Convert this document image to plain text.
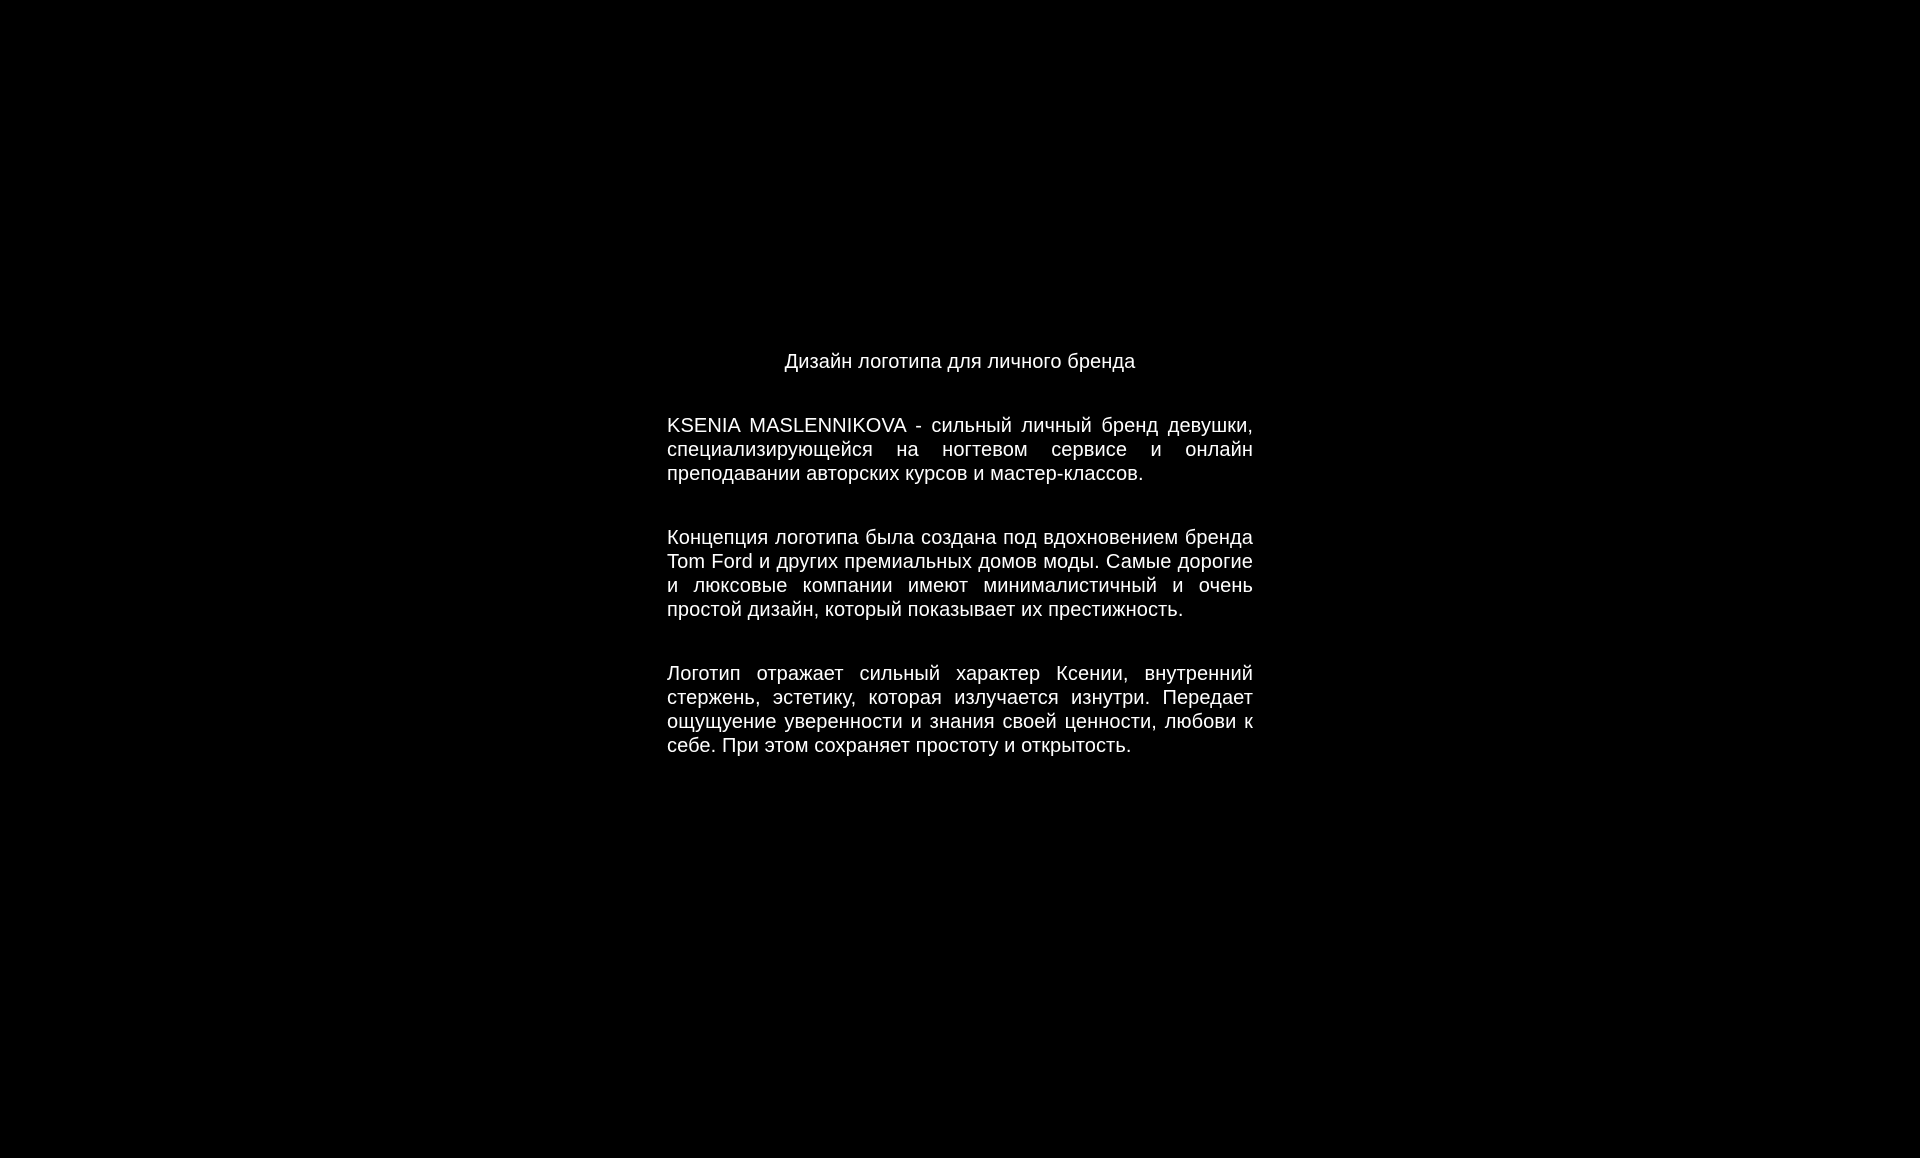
Дизайн логотипа для личного бренда

KSENIA MASLENNIKOVA - сильный личный бренд девушки, специализирующейся на ногтевом сервисе и онлайн преподавании авторских курсов и мастер-классов.

Концепция логотипа была создана под вдохновением бренда Tom Ford и других премиальных домов моды. Самые дорогие и люксовые компании имеют минималистичный и очень простой дизайн, который показывает их престижность.

Логотип отражает сильный характер Ксении, внутренний стержень, эстетику, которая излучается изнутри. Передает ощущуение уверенности и знания своей ценности, любови к себе. При этом сохраняет простоту и открытость.
